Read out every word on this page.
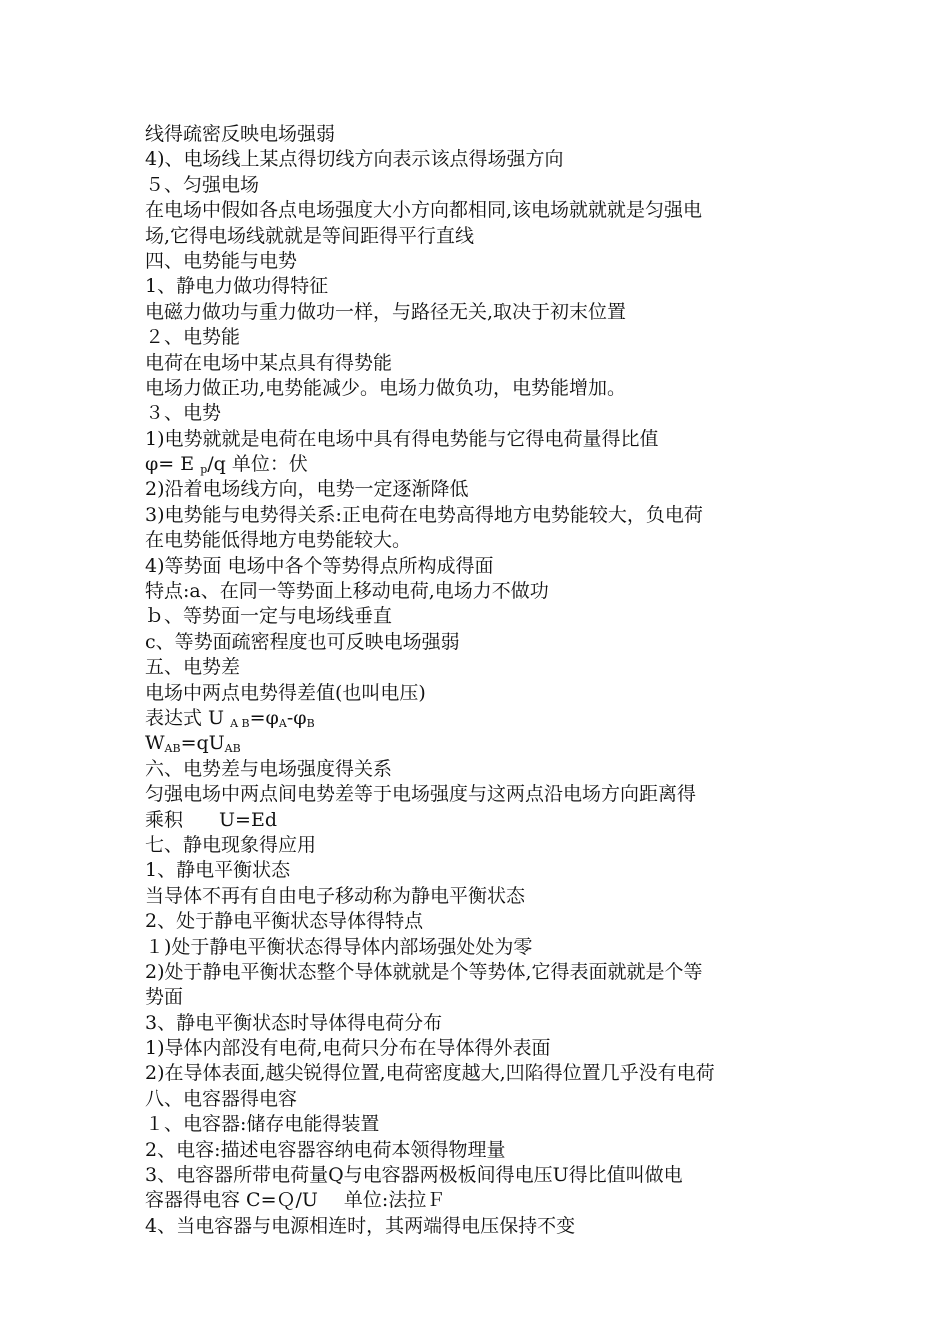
线得疏密反映电场强弱
4)、电场线上某点得切线方向表示该点得场强方向
５、匀强电场
在电场中假如各点电场强度大小方向都相同,该电场就就就是匀强电
场,它得电场线就就是等间距得平行直线
四、电势能与电势
1、静电力做功得特征
电磁力做功与重力做功一样，与路径无关,取决于初末位置
２、电势能
电荷在电场中某点具有得势能
电场力做正功,电势能减少。电场力做负功，电势能增加。
３、电势
1)电势就就是电荷在电场中具有得电势能与它得电荷量得比值
φ= E $_p$/q 单位：伏
2)沿着电场线方向，电势一定逐渐降低
3)电势能与电势得关系:正电荷在电势高得地方电势能较大，负电荷
在电势能低得地方电势能较大。
4)等势面 电场中各个等势得点所构成得面
特点:a、在同一等势面上移动电荷,电场力不做功
ｂ、等势面一定与电场线垂直
c、等势面疏密程度也可反映电场强弱
五、电势差
电场中两点电势得差值(也叫电压)
表达式 U $_{A B}=\varphi_A-\varphi_B$
$W_{AB}=qU_{AB}$
六、电势差与电场强度得关系
匀强电场中两点间电势差等于电场强度与这两点沿电场方向距离得
乘积 U=Ed
七、静电现象得应用
1、静电平衡状态
当导体不再有自由电子移动称为静电平衡状态
2、处于静电平衡状态导体得特点
１)处于静电平衡状态得导体内部场强处处为零
2)处于静电平衡状态整个导体就就是个等势体,它得表面就就是个等
势面
3、静电平衡状态时导体得电荷分布
1)导体内部没有电荷,电荷只分布在导体得外表面
2)在导体表面,越尖锐得位置,电荷密度越大,凹陷得位置几乎没有电荷
八、电容器得电容
１、电容器:储存电能得装置
2、电容:描述电容器容纳电荷本领得物理量
3、电容器所带电荷量Q与电容器两极板间得电压U得比值叫做电
容器得电容 C=Ｑ/U 单位:法拉Ｆ
4、当电容器与电源相连时，其两端得电压保持不变
